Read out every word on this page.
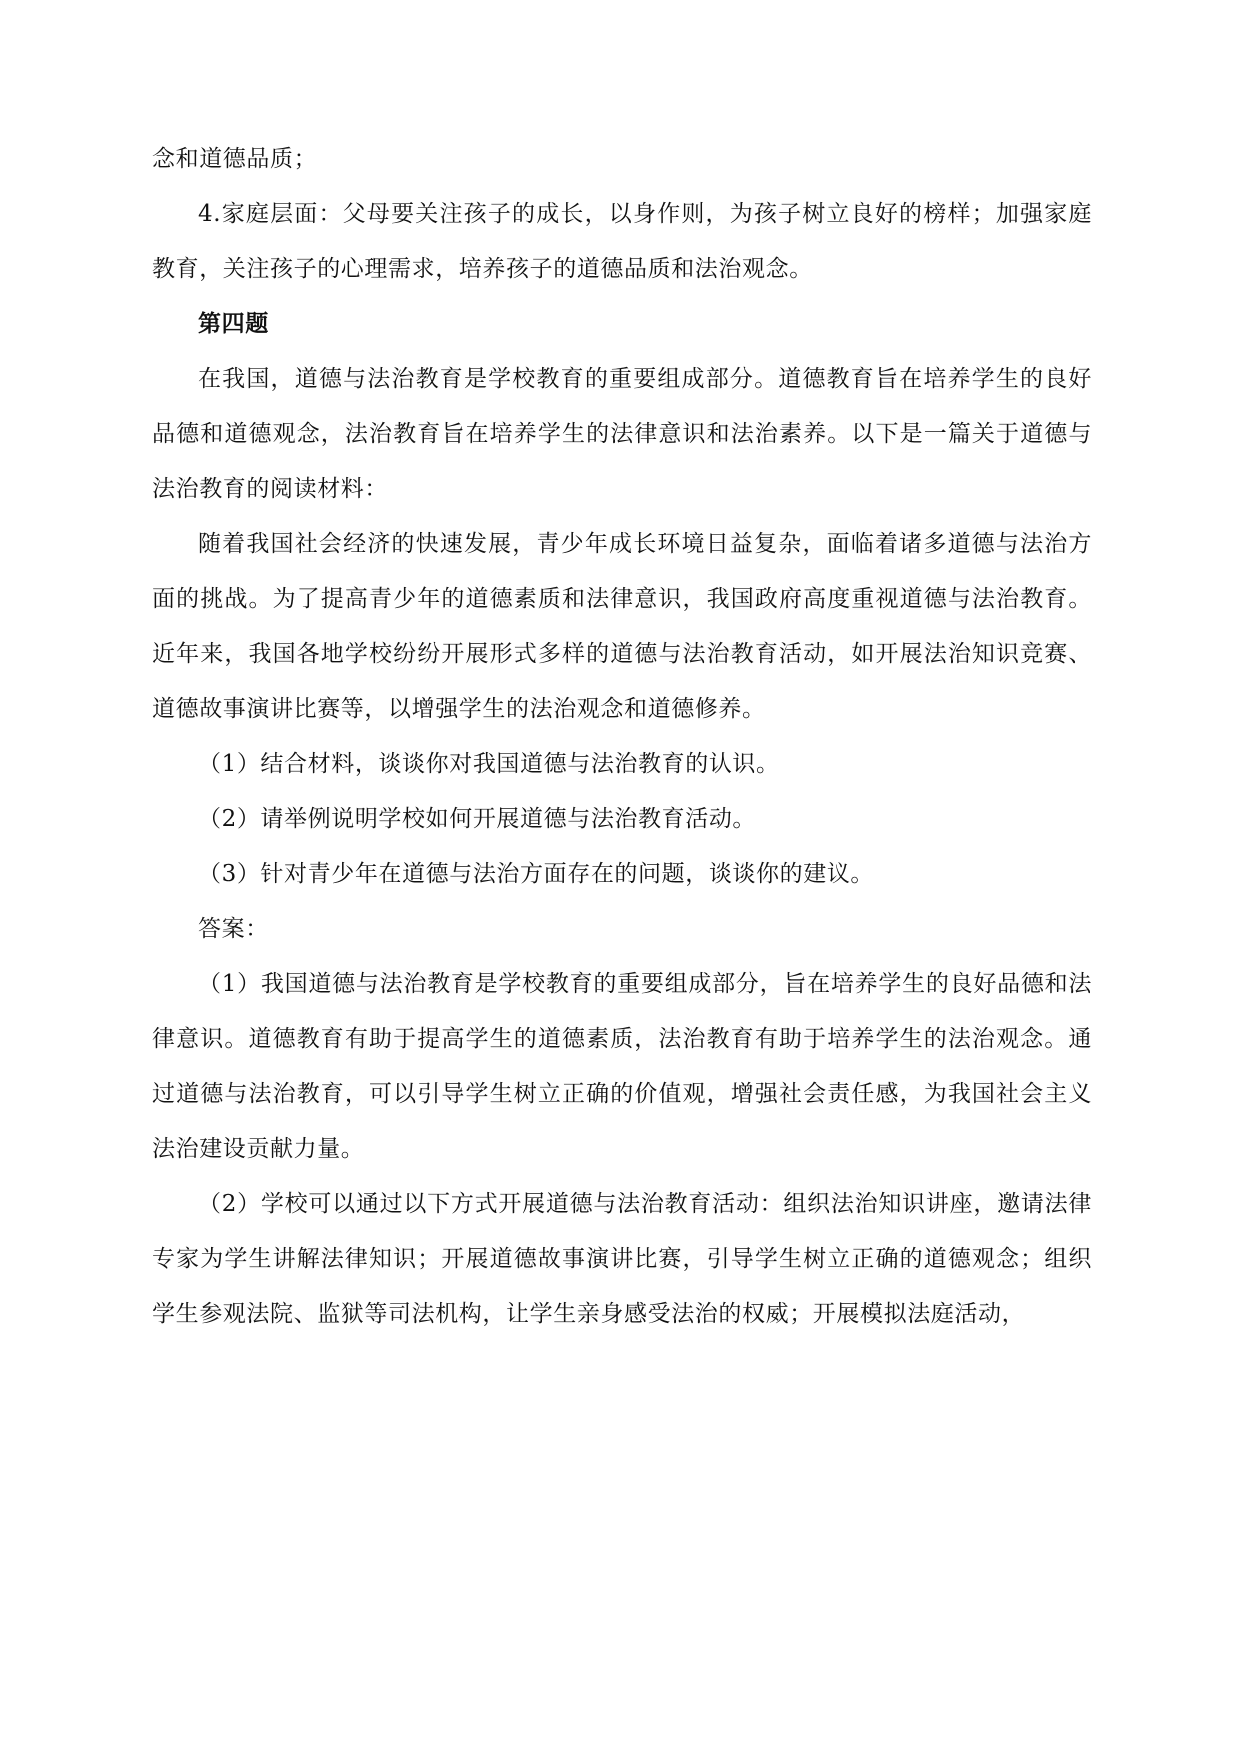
念和道德品质；

4.家庭层面：父母要关注孩子的成长，以身作则，为孩子树立良好的榜样；加强家庭教育，关注孩子的心理需求，培养孩子的道德品质和法治观念。

第四题

在我国，道德与法治教育是学校教育的重要组成部分。道德教育旨在培养学生的良好品德和道德观念，法治教育旨在培养学生的法律意识和法治素养。以下是一篇关于道德与法治教育的阅读材料：

随着我国社会经济的快速发展，青少年成长环境日益复杂，面临着诸多道德与法治方面的挑战。为了提高青少年的道德素质和法律意识，我国政府高度重视道德与法治教育。近年来，我国各地学校纷纷开展形式多样的道德与法治教育活动，如开展法治知识竞赛、道德故事演讲比赛等，以增强学生的法治观念和道德修养。

（1）结合材料，谈谈你对我国道德与法治教育的认识。

（2）请举例说明学校如何开展道德与法治教育活动。

（3）针对青少年在道德与法治方面存在的问题，谈谈你的建议。

答案：

（1）我国道德与法治教育是学校教育的重要组成部分，旨在培养学生的良好品德和法律意识。道德教育有助于提高学生的道德素质，法治教育有助于培养学生的法治观念。通过道德与法治教育，可以引导学生树立正确的价值观，增强社会责任感，为我国社会主义法治建设贡献力量。

（2）学校可以通过以下方式开展道德与法治教育活动：组织法治知识讲座，邀请法律专家为学生讲解法律知识；开展道德故事演讲比赛，引导学生树立正确的道德观念；组织学生参观法院、监狱等司法机构，让学生亲身感受法治的权威；开展模拟法庭活动，
